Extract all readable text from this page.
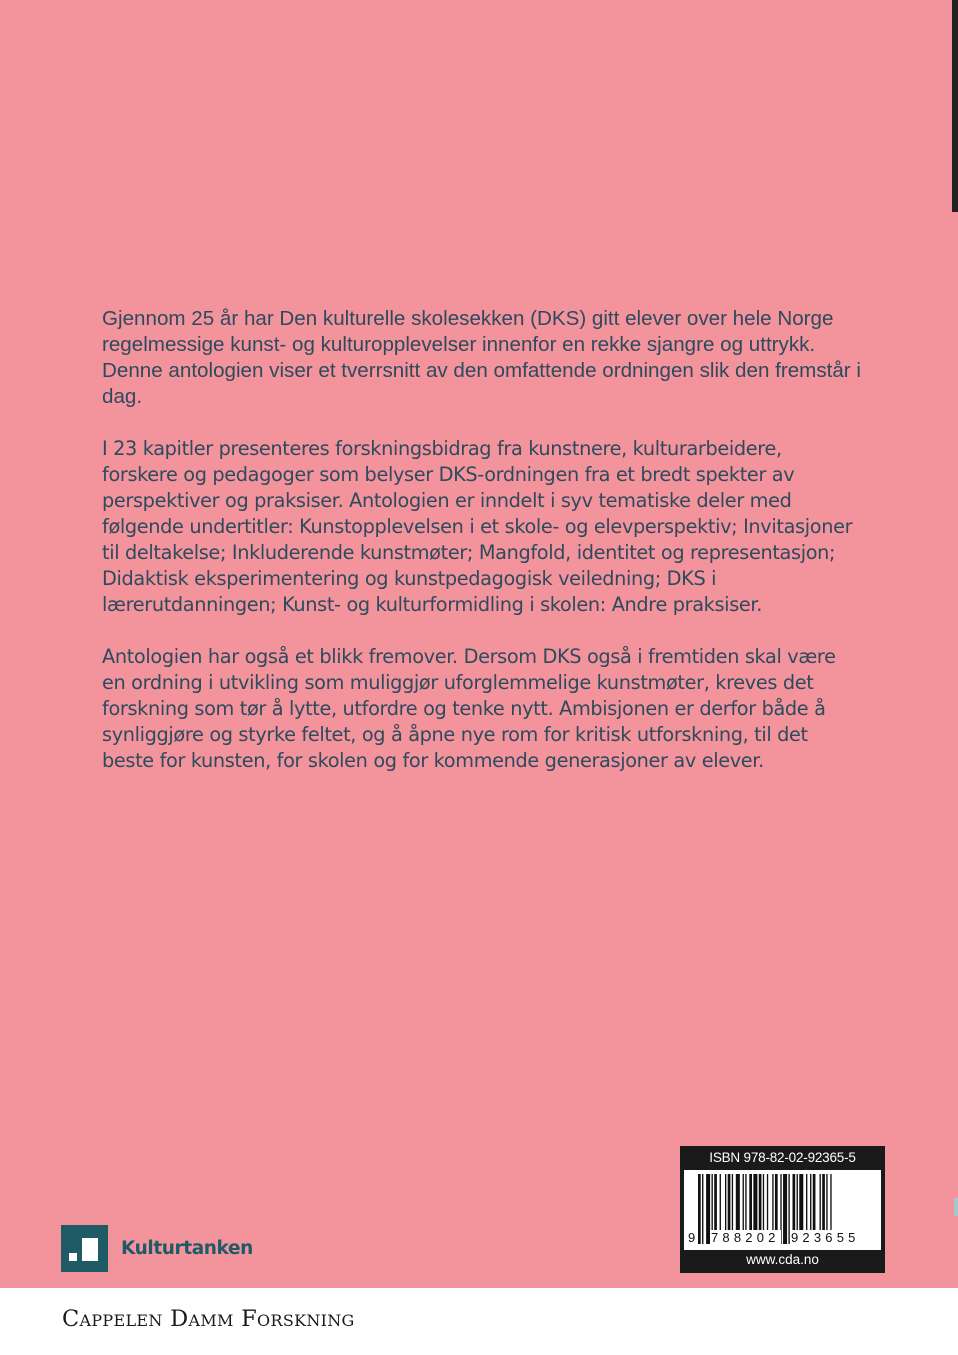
Gjennom 25 år har Den kulturelle skolesekken (DKS) gitt elever over hele Norge regelmessige kunst- og kulturopplevelser innenfor en rekke sjangre og uttrykk. Denne antologien viser et tverrsnitt av den omfattende ordningen slik den fremstår i dag.

I 23 kapitler presenteres forskningsbidrag fra kunstnere, kulturarbeidere, forskere og pedagoger som belyser DKS-ordningen fra et bredt spekter av perspektiver og praksiser. Antologien er inndelt i syv tematiske deler med følgende undertitler: Kunstopplevelsen i et skole- og elevperspektiv; Invitasjoner til deltakelse; Inkluderende kunstmøter; Mangfold, identitet og representasjon; Didaktisk eksperimentering og kunstpedagogisk veiledning; DKS i lærerutdanningen; Kunst- og kulturformidling i skolen: Andre praksiser.

Antologien har også et blikk fremover. Dersom DKS også i fremtiden skal være en ordning i utvikling som muliggjør uforglemmelige kunstmøter, kreves det forskning som tør å lytte, utfordre og tenke nytt. Ambisjonen er derfor både å synliggjøre og styrke feltet, og å åpne nye rom for kritisk utforskning, til det beste for kunsten, for skolen og for kommende generasjoner av elever.

Kulturtanken
ISBN 978-82-02-92365-5
9 788202 923655
www.cda.no
Cappelen Damm Forskning
